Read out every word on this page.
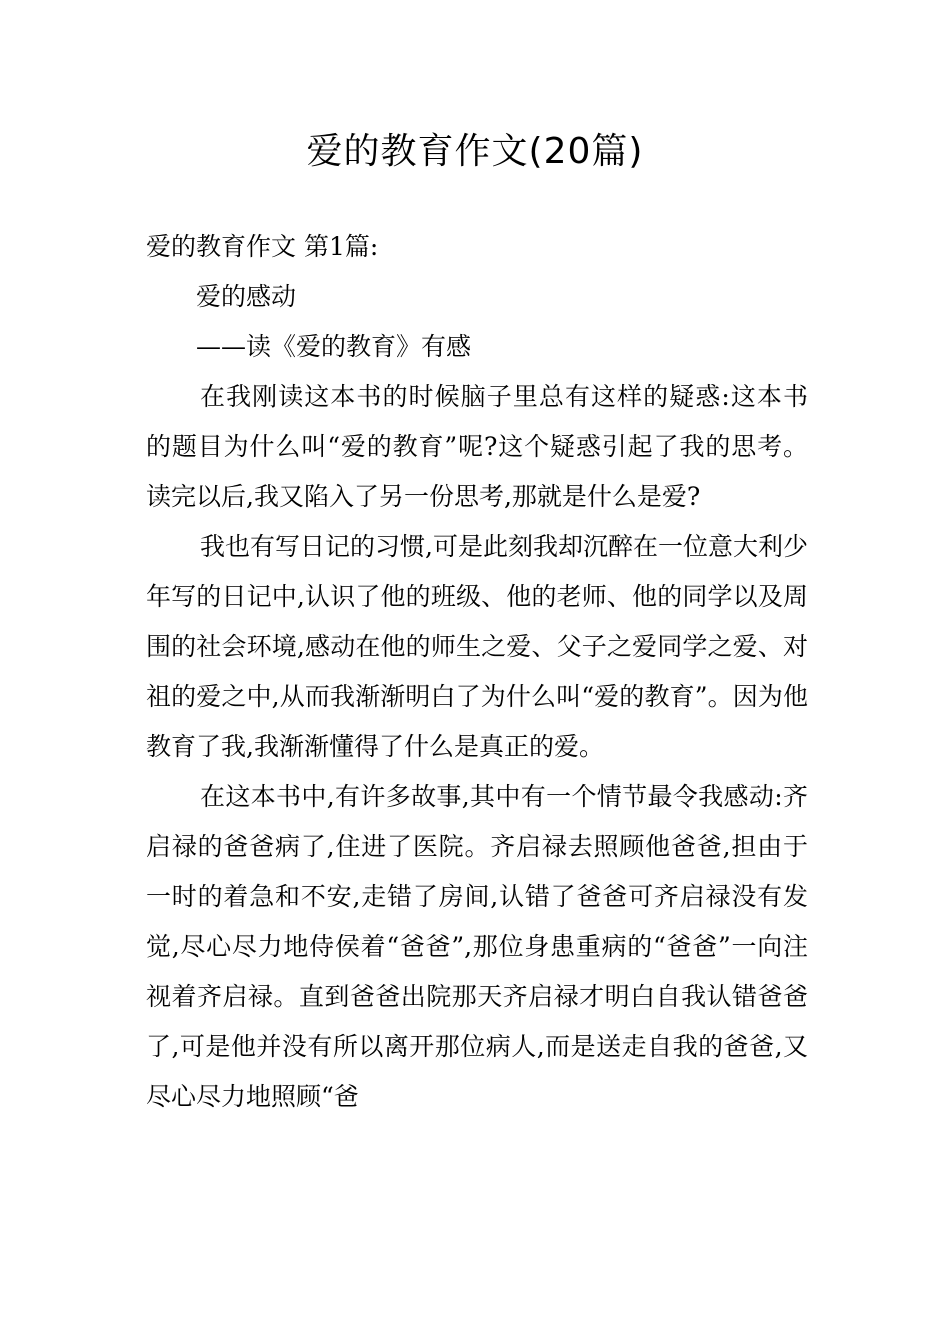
爱的教育作文(20篇)

爱的教育作文 第1篇:

爱的感动

——读《爱的教育》有感

在我刚读这本书的时候脑子里总有这样的疑惑:这本书的题目为什么叫“爱的教育”呢?这个疑惑引起了我的思考。读完以后,我又陷入了另一份思考,那就是什么是爱?

我也有写日记的习惯,可是此刻我却沉醉在一位意大利少年写的日记中,认识了他的班级、他的老师、他的同学以及周围的社会环境,感动在他的师生之爱、父子之爱同学之爱、对祖的爱之中,从而我渐渐明白了为什么叫“爱的教育”。因为他教育了我,我渐渐懂得了什么是真正的爱。

在这本书中,有许多故事,其中有一个情节最令我感动:齐启禄的爸爸病了,住进了医院。齐启禄去照顾他爸爸,担由于一时的着急和不安,走错了房间,认错了爸爸可齐启禄没有发觉,尽心尽力地侍侯着“爸爸”,那位身患重病的“爸爸”一向注视着齐启禄。直到爸爸出院那天齐启禄才明白自我认错爸爸了,可是他并没有所以离开那位病人,而是送走自我的爸爸,又尽心尽力地照顾“爸
